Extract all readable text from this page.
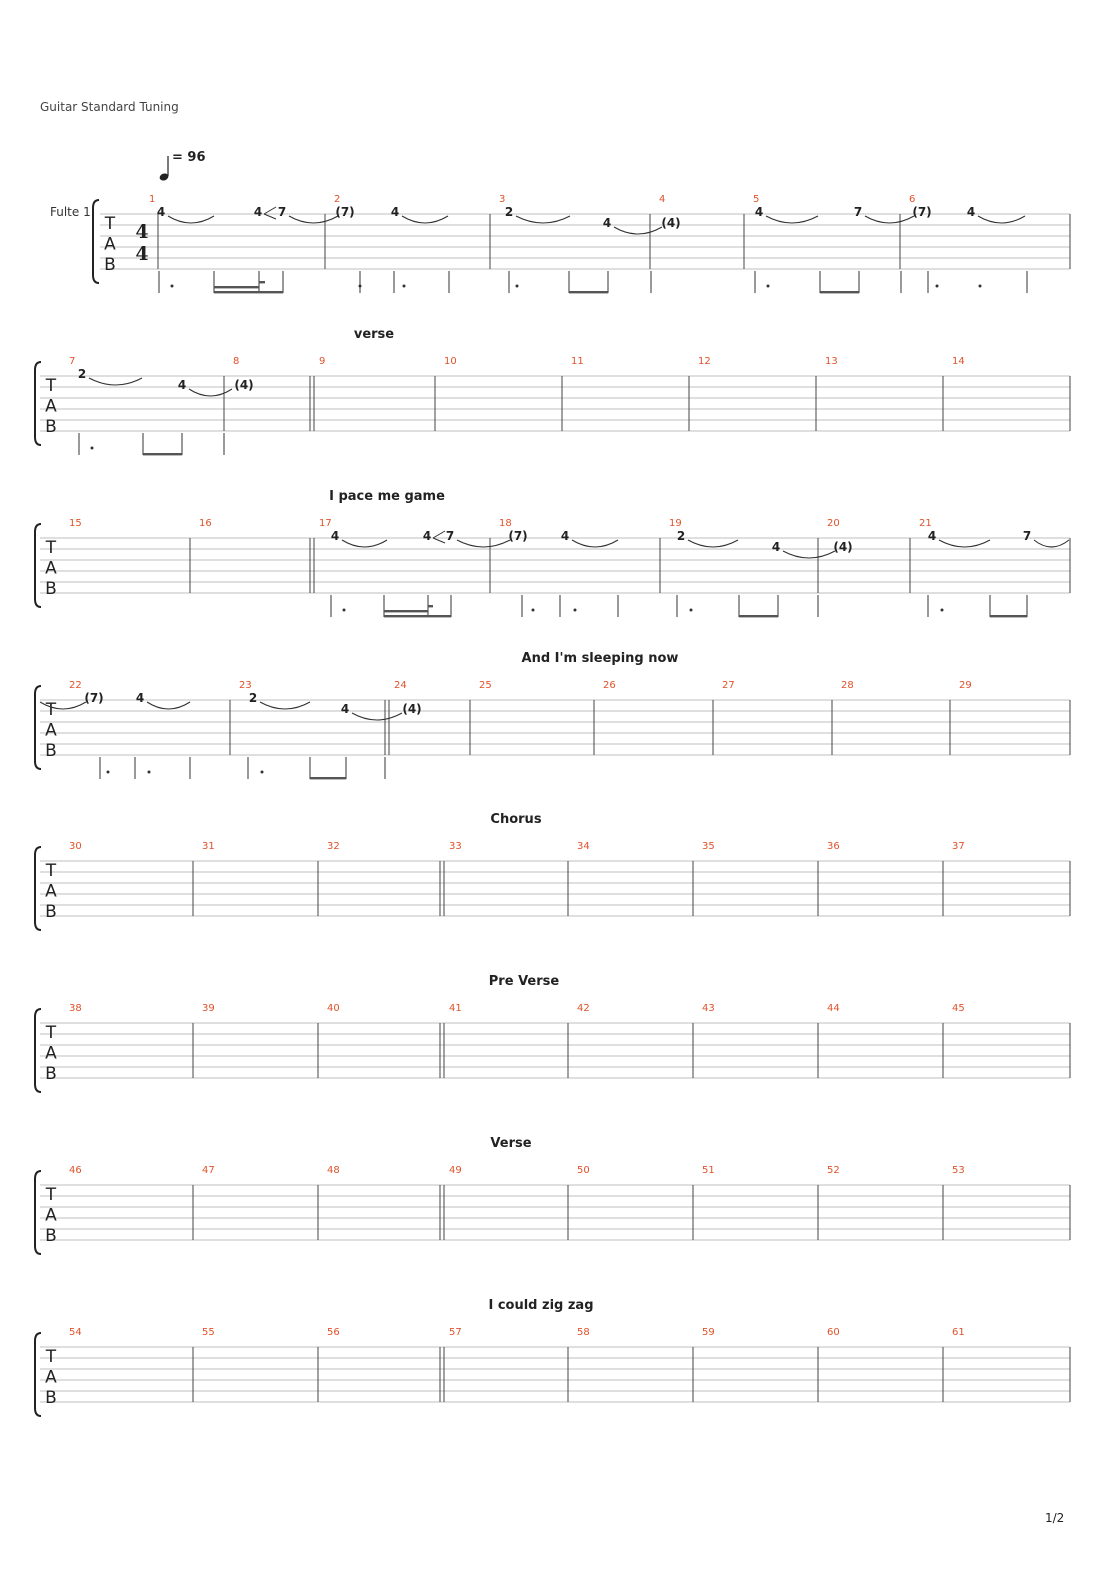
Guitar Standard Tuning
= 96
Fulte 1
1/2
T
A
B
4
4
1	2	3	4	5	6
T
A
B
verse
7	8	9	10	11	12	13	14
T
A
B
I pace me game
15	16	17	18	19	20	21
T
A
B
And I'm sleeping now
22	23	24	25	26	27	28	29
T
A
B
Chorus
30	31	32	33	34	35	36	37
T
A
B
Pre Verse
38	39	40	41	42	43	44	45
T
A
B
Verse
46	47	48	49	50	51	52	53
T
A
B
I could zig zag
54	55	56	57	58	59	60	61
4	4 7	(7)	4	2
4	(4)
4	7	(7)	4
2
4	(4)
4	4 7	(7)	4	2
4	(4)
4	7
(7)	4	2
4	(4)
